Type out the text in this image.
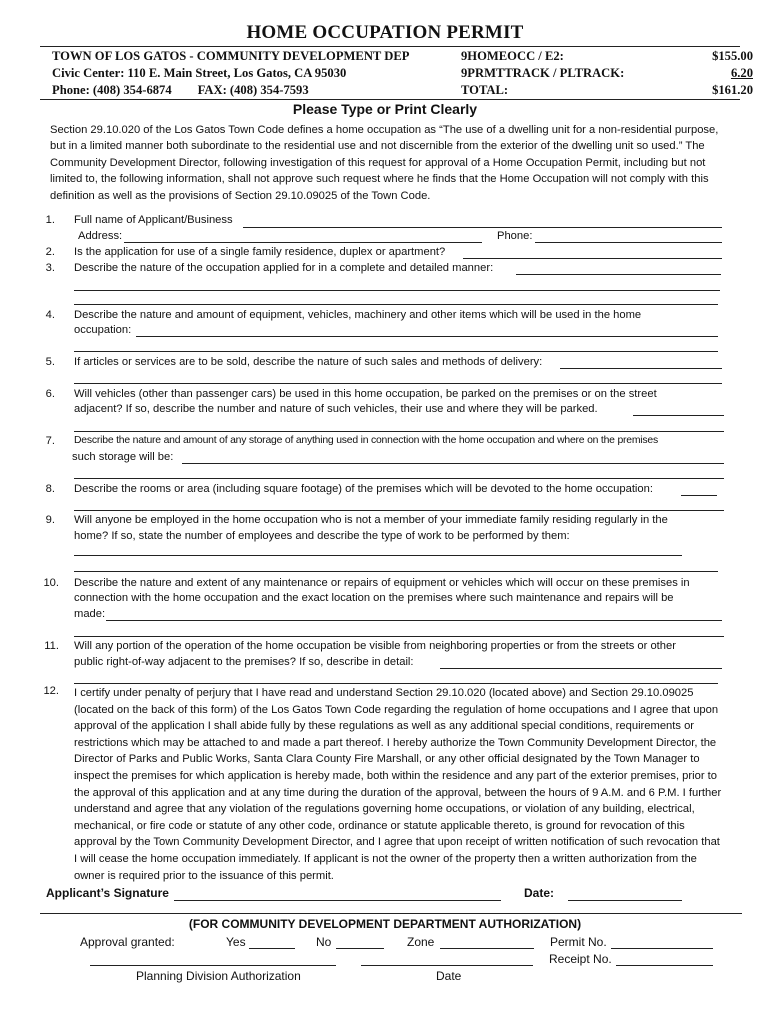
HOME OCCUPATION PERMIT
TOWN OF LOS GATOS - COMMUNITY DEVELOPMENT DEP
Civic Center: 110 E. Main Street, Los Gatos, CA 95030
Phone: (408) 354-6874 FAX: (408) 354-7593
9HOMEOCC / E2:	$155.00
9PRMTTRACK / PLTRACK:	6.20
TOTAL:	$161.20
Please Type or Print Clearly
Section 29.10.020 of the Los Gatos Town Code defines a home occupation as “The use of a dwelling unit for a non-residential purpose, but in a limited manner both subordinate to the residential use and not discernible from the exterior of the dwelling unit so used.” The Community Development Director, following investigation of this request for approval of a Home Occupation Permit, including but not limited to, the following information, shall not approve such request where he finds that the Home Occupation will not comply with this definition as well as the provisions of Section 29.10.09025 of the Town Code.
1. Full name of Applicant/Business
Address:	Phone:
2. Is the application for use of a single family residence, duplex or apartment?
3. Describe the nature of the occupation applied for in a complete and detailed manner:
4. Describe the nature and amount of equipment, vehicles, machinery and other items which will be used in the home
occupation:
5. If articles or services are to be sold, describe the nature of such sales and methods of delivery:
6. Will vehicles (other than passenger cars) be used in this home occupation, be parked on the premises or on the street
adjacent? If so, describe the number and nature of such vehicles, their use and where they will be parked.
7. Describe the nature and amount of any storage of anything used in connection with the home occupation and where on the premises
such storage will be:
8. Describe the rooms or area (including square footage) of the premises which will be devoted to the home occupation:
9. Will anyone be employed in the home occupation who is not a member of your immediate family residing regularly in the
home? If so, state the number of employees and describe the type of work to be performed by them:
10. Describe the nature and extent of any maintenance or repairs of equipment or vehicles which will occur on these premises in
connection with the home occupation and the exact location on the premises where such maintenance and repairs will be
made:
11. Will any portion of the operation of the home occupation be visible from neighboring properties or from the streets or other
public right-of-way adjacent to the premises? If so, describe in detail:
12. I certify under penalty of perjury that I have read and understand Section 29.10.020 (located above) and Section 29.10.09025 (located on the back of this form) of the Los Gatos Town Code regarding the regulation of home occupations and I agree that upon approval of the application I shall abide fully by these regulations as well as any additional special conditions, requirements or restrictions which may be attached to and made a part thereof. I hereby authorize the Town Community Development Director, the Director of Parks and Public Works, Santa Clara County Fire Marshall, or any other official designated by the Town Manager to inspect the premises for which application is hereby made, both within the residence and any part of the exterior premises, prior to the approval of this application and at any time during the duration of the approval, between the hours of 9 A.M. and 6 P.M. I further understand and agree that any violation of the regulations governing home occupations, or violation of any building, electrical, mechanical, or fire code or statute of any other code, ordinance or statute applicable thereto, is ground for revocation of this approval by the Town Community Development Director, and I agree that upon receipt of written notification of such revocation that I will cease the home occupation immediately. If applicant is not the owner of the property then a written authorization from the owner is required prior to the issuance of this permit.
Applicant’s Signature	Date:
(FOR COMMUNITY DEVELOPMENT DEPARTMENT AUTHORIZATION)
Approval granted:	Yes	No	Zone	Permit No.
Receipt No.
Planning Division Authorization	Date
